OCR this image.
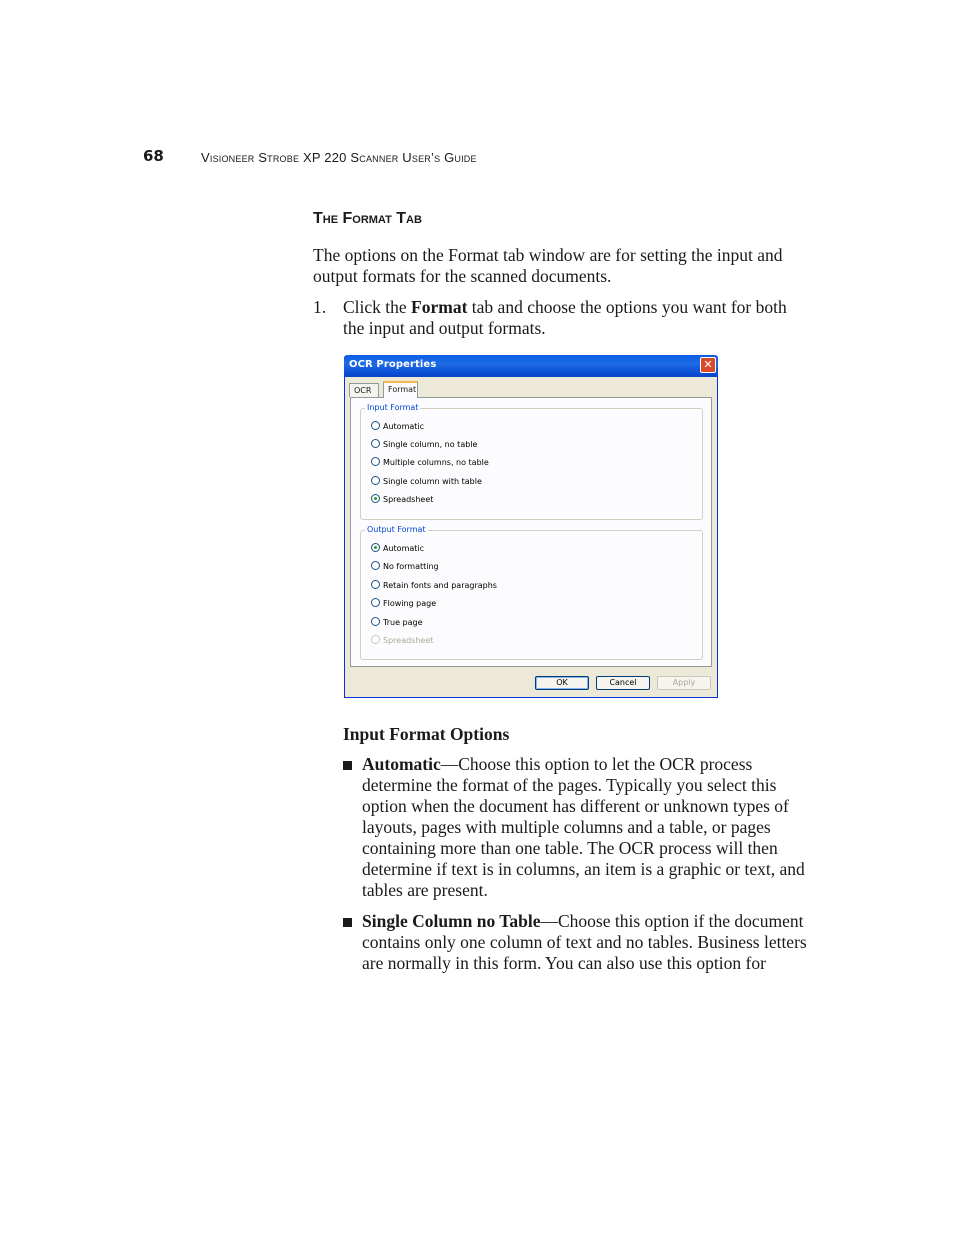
68	Visioneer Strobe XP 220 Scanner User’s Guide
The Format Tab
The options on the Format tab window are for setting the input and output formats for the scanned documents.
1. Click the Format tab and choose the options you want for both the input and output formats.
OCR Properties	✕
OCR	Format
Input Format
Automatic
Single column, no table
Multiple columns, no table
Single column with table
Spreadsheet
Output Format
Automatic
No formatting
Retain fonts and paragraphs
Flowing page
True page
Spreadsheet
OK	Cancel	Apply
Input Format Options
Automatic—Choose this option to let the OCR process determine the format of the pages. Typically you select this option when the document has different or unknown types of layouts, pages with multiple columns and a table, or pages containing more than one table. The OCR process will then determine if text is in columns, an item is a graphic or text, and tables are present.
Single Column no Table—Choose this option if the document contains only one column of text and no tables. Business letters are normally in this form. You can also use this option for
